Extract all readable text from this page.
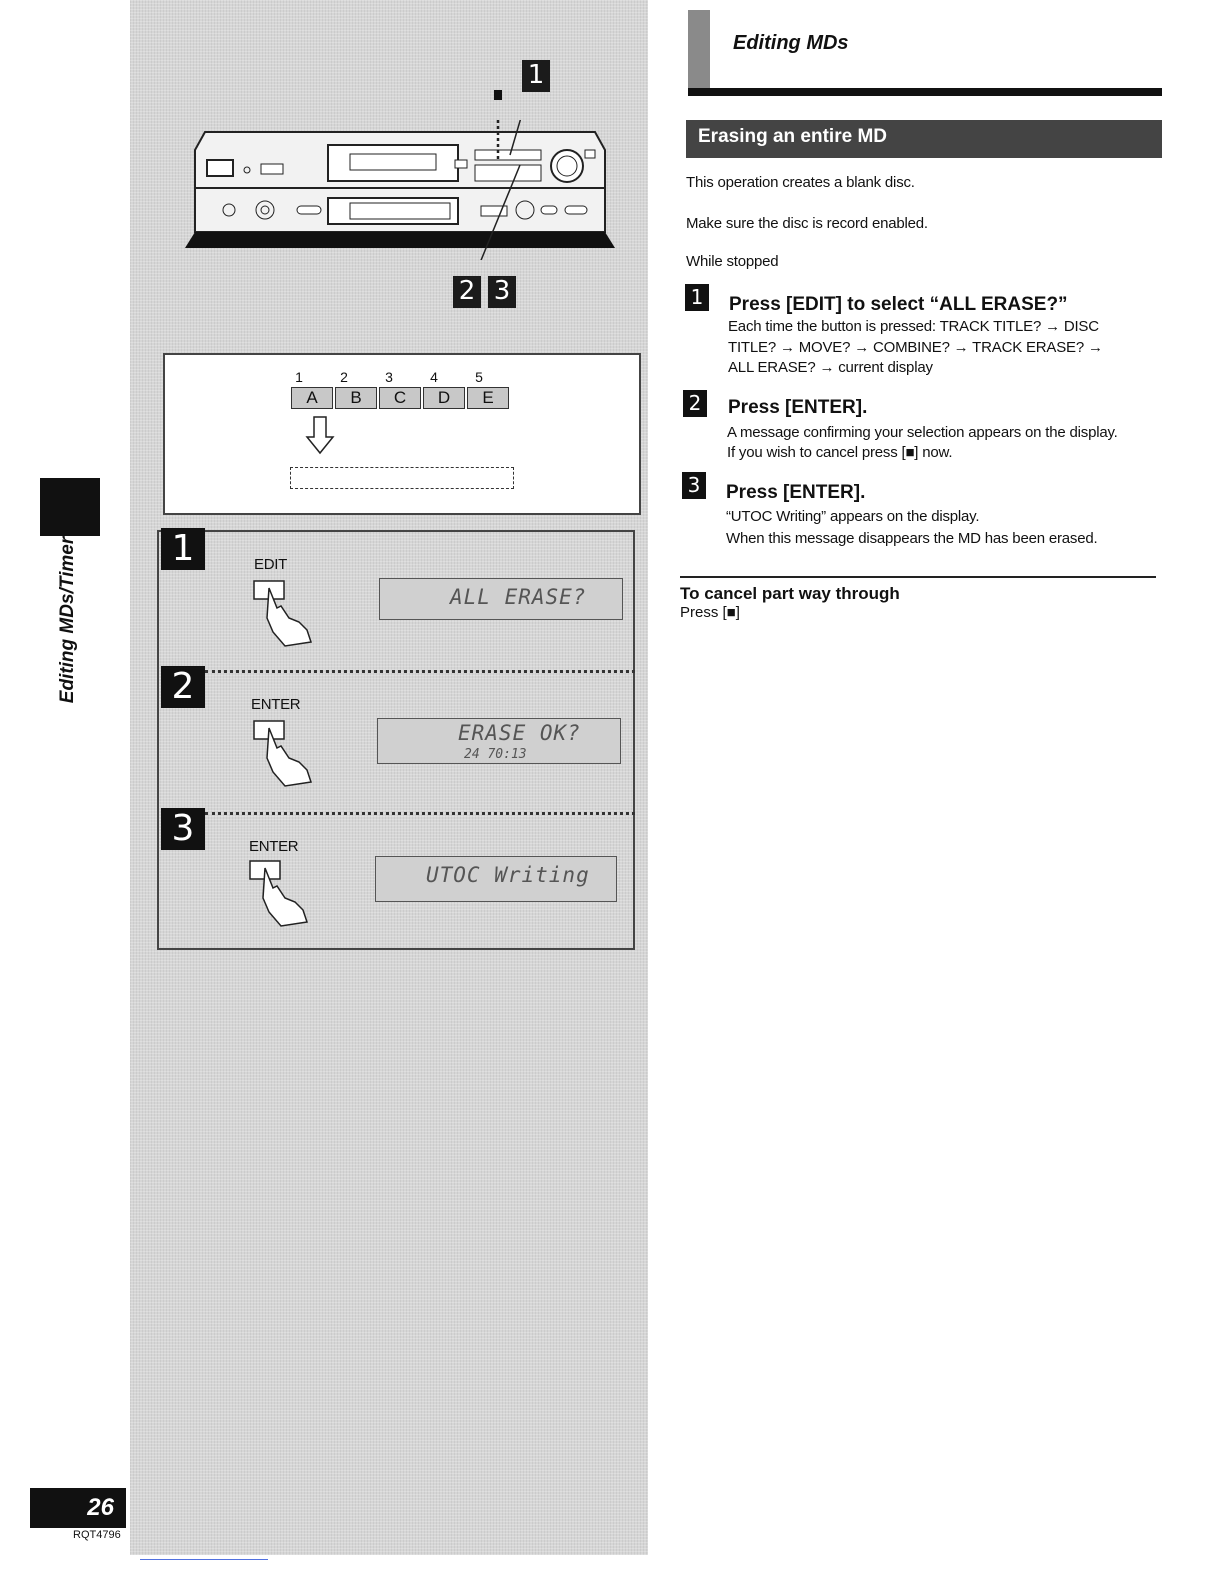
1
2 3
1	2	3	4	5
A	B	C	D	E
1	EDIT
ALL ERASE?
2	ENTER
ERASE OK?
24 70:13
3	ENTER
UTOC Writing
Editing MDs/Timer
26
RQT4796
Editing MDs
Erasing an entire MD
This operation creates a blank disc.
Make sure the disc is record enabled.
While stopped
1 Press [EDIT] to select “ALL ERASE?”
Each time the button is pressed: TRACK TITLE? → DISC
TITLE? → MOVE? → COMBINE? → TRACK ERASE? →
ALL ERASE? → current display
2 Press [ENTER].
A message confirming your selection appears on the display.
If you wish to cancel press [■] now.
3 Press [ENTER].
“UTOC Writing” appears on the display.
When this message disappears the MD has been erased.
To cancel part way through
Press [■]
